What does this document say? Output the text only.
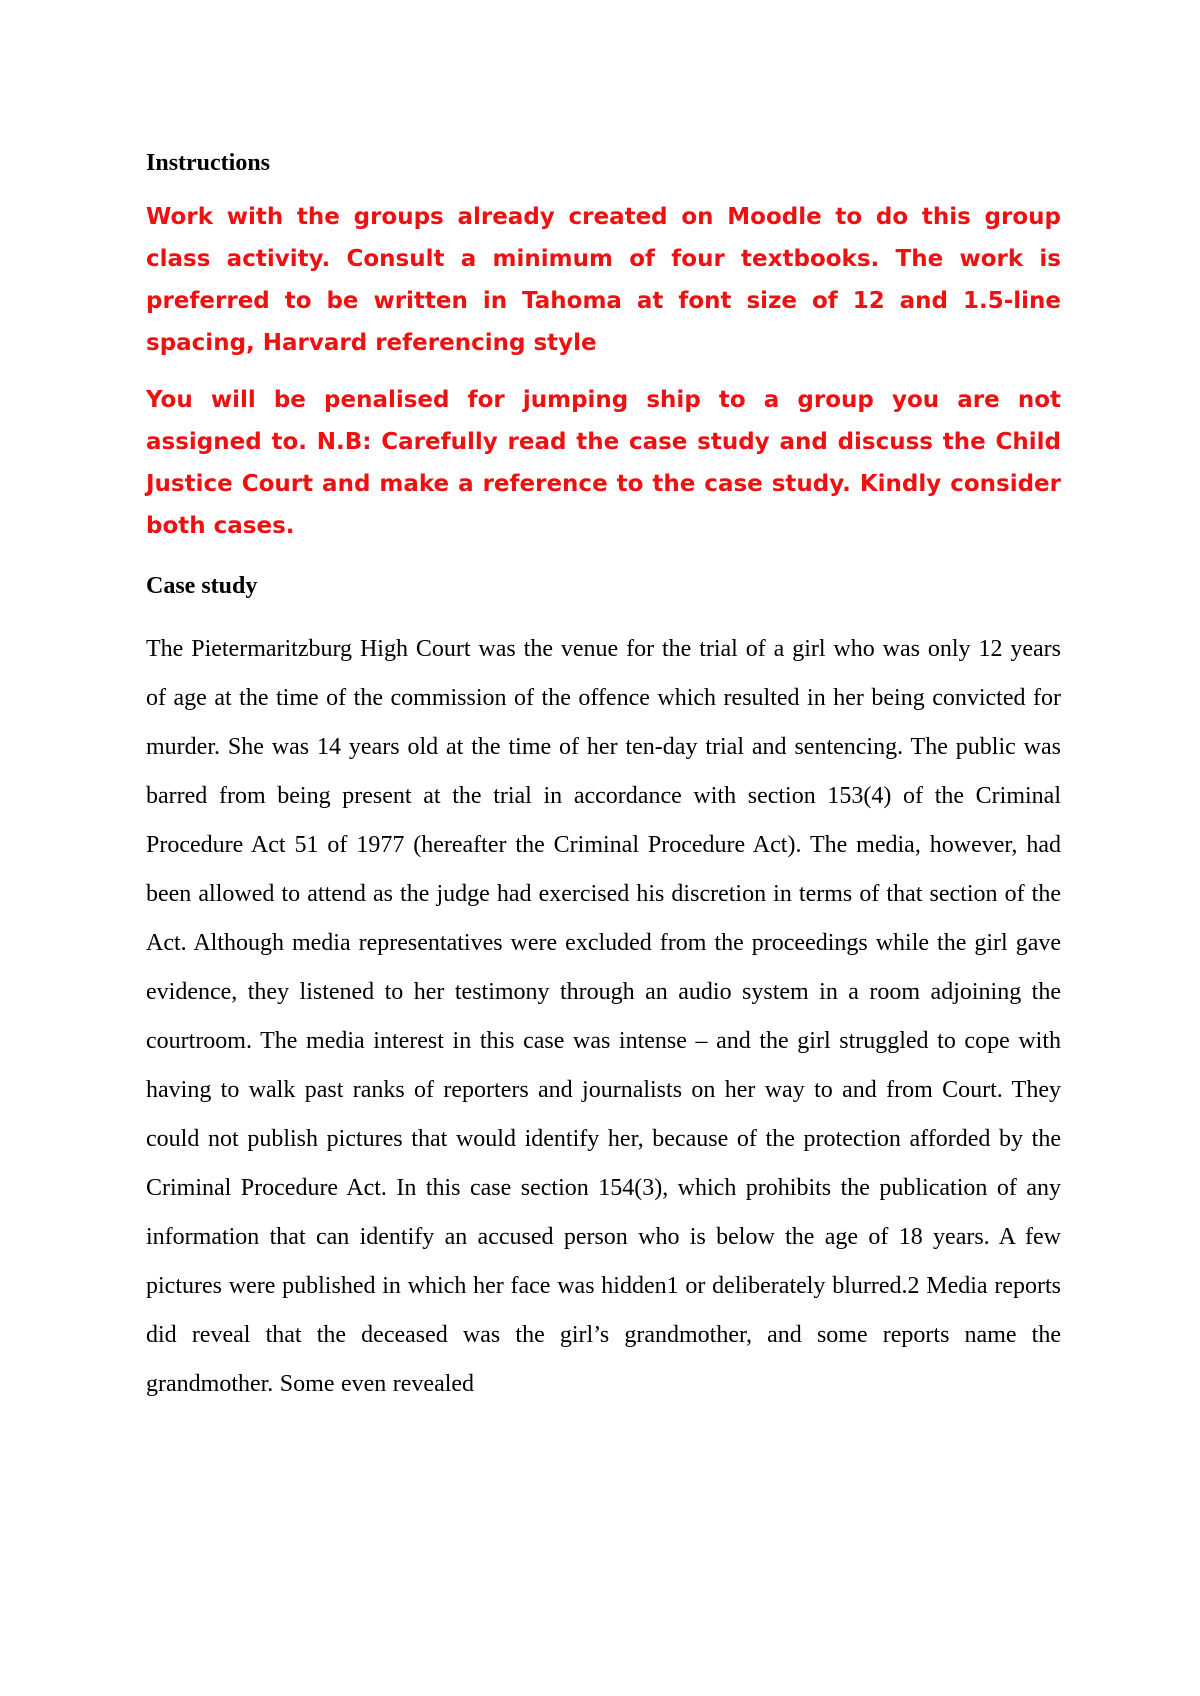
Instructions

Work with the groups already created on Moodle to do this group class activity. Consult a minimum of four textbooks. The work is preferred to be written in Tahoma at font size of 12 and 1.5-line spacing, Harvard referencing style

You will be penalised for jumping ship to a group you are not assigned to. N.B: Carefully read the case study and discuss the Child Justice Court and make a reference to the case study. Kindly consider both cases.

Case study

The Pietermaritzburg High Court was the venue for the trial of a girl who was only 12 years of age at the time of the commission of the offence which resulted in her being convicted for murder. She was 14 years old at the time of her ten-day trial and sentencing. The public was barred from being present at the trial in accordance with section 153(4) of the Criminal Procedure Act 51 of 1977 (hereafter the Criminal Procedure Act). The media, however, had been allowed to attend as the judge had exercised his discretion in terms of that section of the Act. Although media representatives were excluded from the proceedings while the girl gave evidence, they listened to her testimony through an audio system in a room adjoining the courtroom. The media interest in this case was intense – and the girl struggled to cope with having to walk past ranks of reporters and journalists on her way to and from Court. They could not publish pictures that would identify her, because of the protection afforded by the Criminal Procedure Act. In this case section 154(3), which prohibits the publication of any information that can identify an accused person who is below the age of 18 years. A few pictures were published in which her face was hidden1 or deliberately blurred.2 Media reports did reveal that the deceased was the girl’s grandmother, and some reports name the grandmother. Some even revealed
